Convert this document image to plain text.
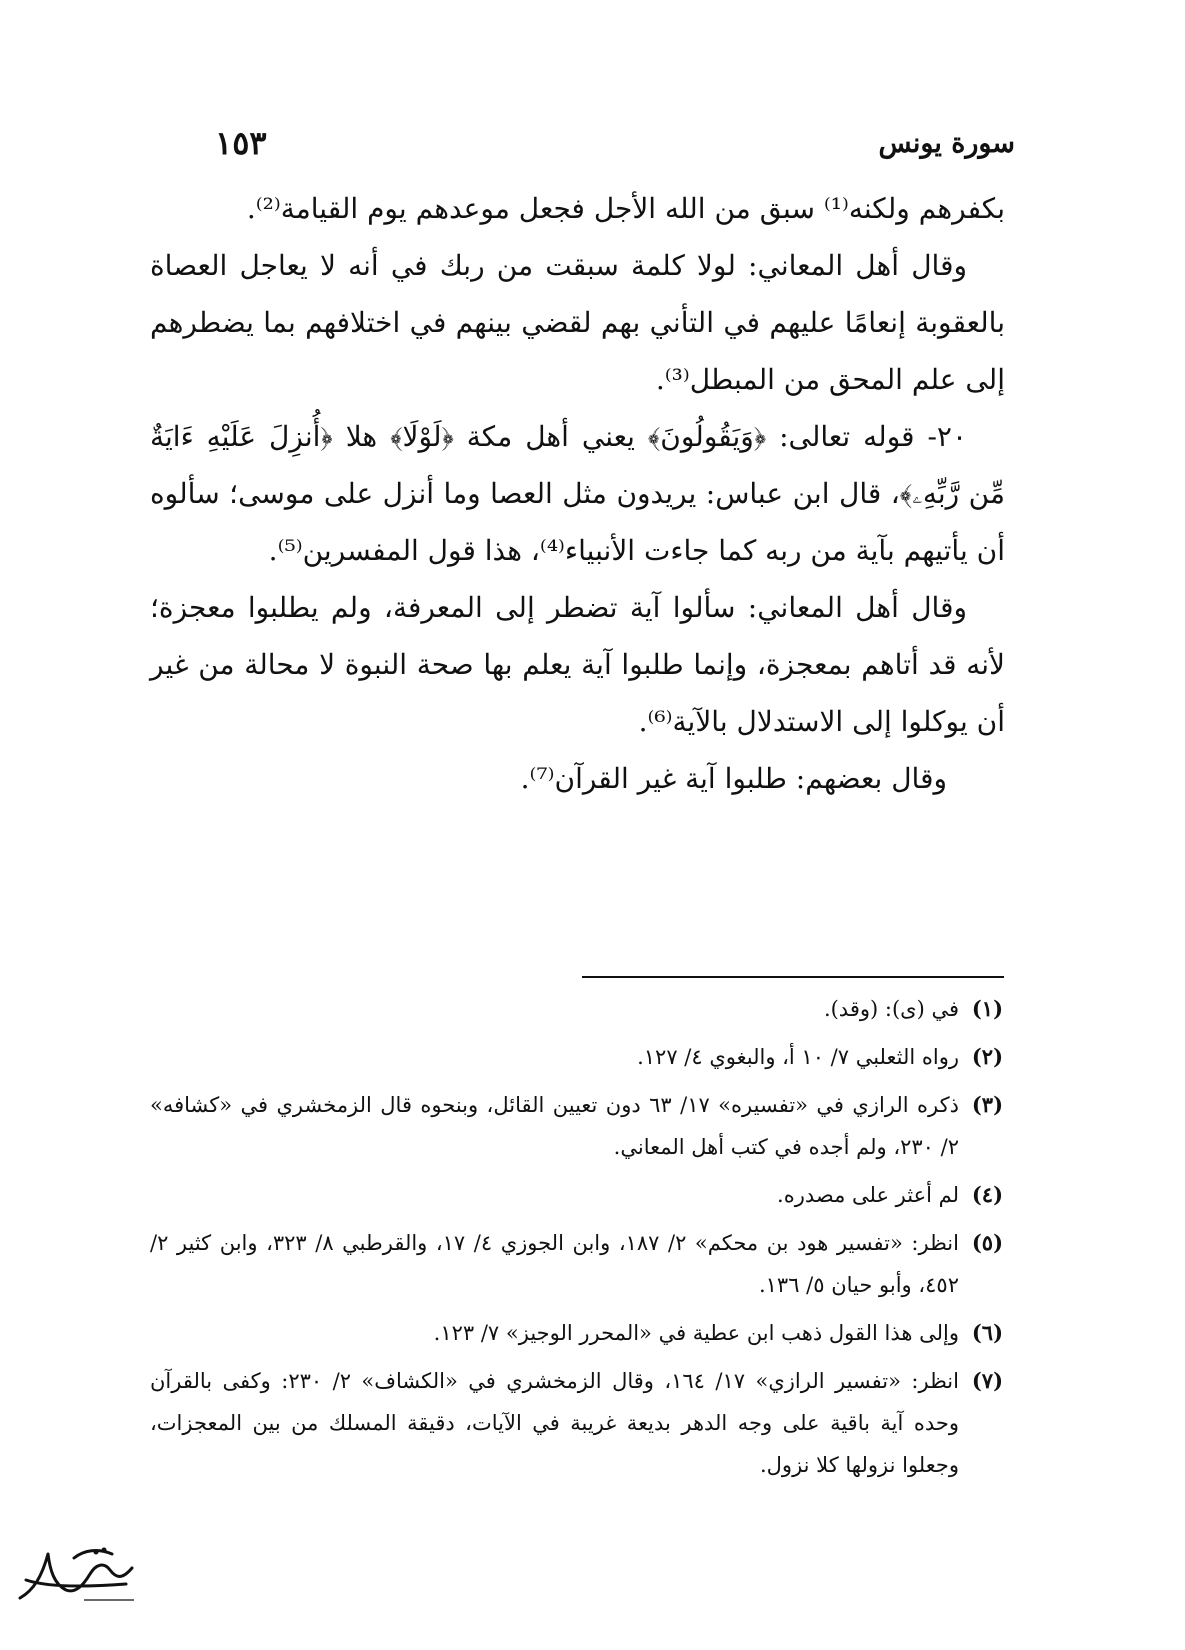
سورة يونس
١٥٣

بكفرهم ولكنه⁽¹⁾ سبق من الله الأجل فجعل موعدهم يوم القيامة⁽²⁾.

وقال أهل المعاني: لولا كلمة سبقت من ربك في أنه لا يعاجل العصاة بالعقوبة إنعامًا عليهم في التأني بهم لقضي بينهم في اختلافهم بما يضطرهم إلى علم المحق من المبطل⁽³⁾.

٢٠- قوله تعالى: ﴿وَيَقُولُونَ﴾ يعني أهل مكة ﴿لَوْلَا﴾ هلا ﴿أُنزِلَ عَلَيْهِ ءَايَةٌ مِّن رَّبِّهِۦ﴾، قال ابن عباس: يريدون مثل العصا وما أنزل على موسى؛ سألوه أن يأتيهم بآية من ربه كما جاءت الأنبياء⁽⁴⁾، هذا قول المفسرين⁽⁵⁾.

وقال أهل المعاني: سألوا آية تضطر إلى المعرفة، ولم يطلبوا معجزة؛ لأنه قد أتاهم بمعجزة، وإنما طلبوا آية يعلم بها صحة النبوة لا محالة من غير أن يوكلوا إلى الاستدلال بالآية⁽⁶⁾.

وقال بعضهم: طلبوا آية غير القرآن⁽⁷⁾.

(١)
في (ى): (وقد).
(٢)
رواه الثعلبي ٧/ ١٠ أ، والبغوي ٤/ ١٢٧.
(٣)
ذكره الرازي في «تفسيره» ١٧/ ٦٣ دون تعيين القائل، وبنحوه قال الزمخشري في «كشافه» ٢/ ٢٣٠، ولم أجده في كتب أهل المعاني.
(٤)
لم أعثر على مصدره.
(٥)
انظر: «تفسير هود بن محكم» ٢/ ١٨٧، وابن الجوزي ٤/ ١٧، والقرطبي ٨/ ٣٢٣، وابن كثير ٢/ ٤٥٢، وأبو حيان ٥/ ١٣٦.
(٦)
وإلى هذا القول ذهب ابن عطية في «المحرر الوجيز» ٧/ ١٢٣.
(٧)
انظر: «تفسير الرازي» ١٧/ ١٦٤، وقال الزمخشري في «الكشاف» ٢/ ٢٣٠: وكفى بالقرآن وحده آية باقية على وجه الدهر بديعة غريبة في الآيات، دقيقة المسلك من بين المعجزات، وجعلوا نزولها كلا نزول.
